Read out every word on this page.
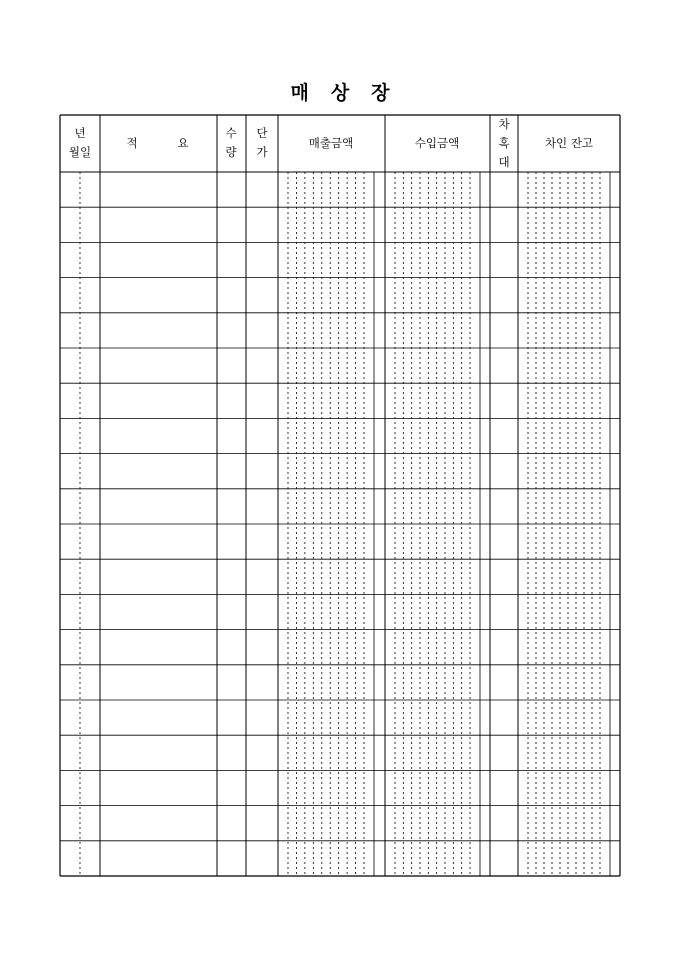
매 상 장
년
월일
적	요
수
량
단
가
매출금액	수입금액
차
혹
대
차인 잔고
